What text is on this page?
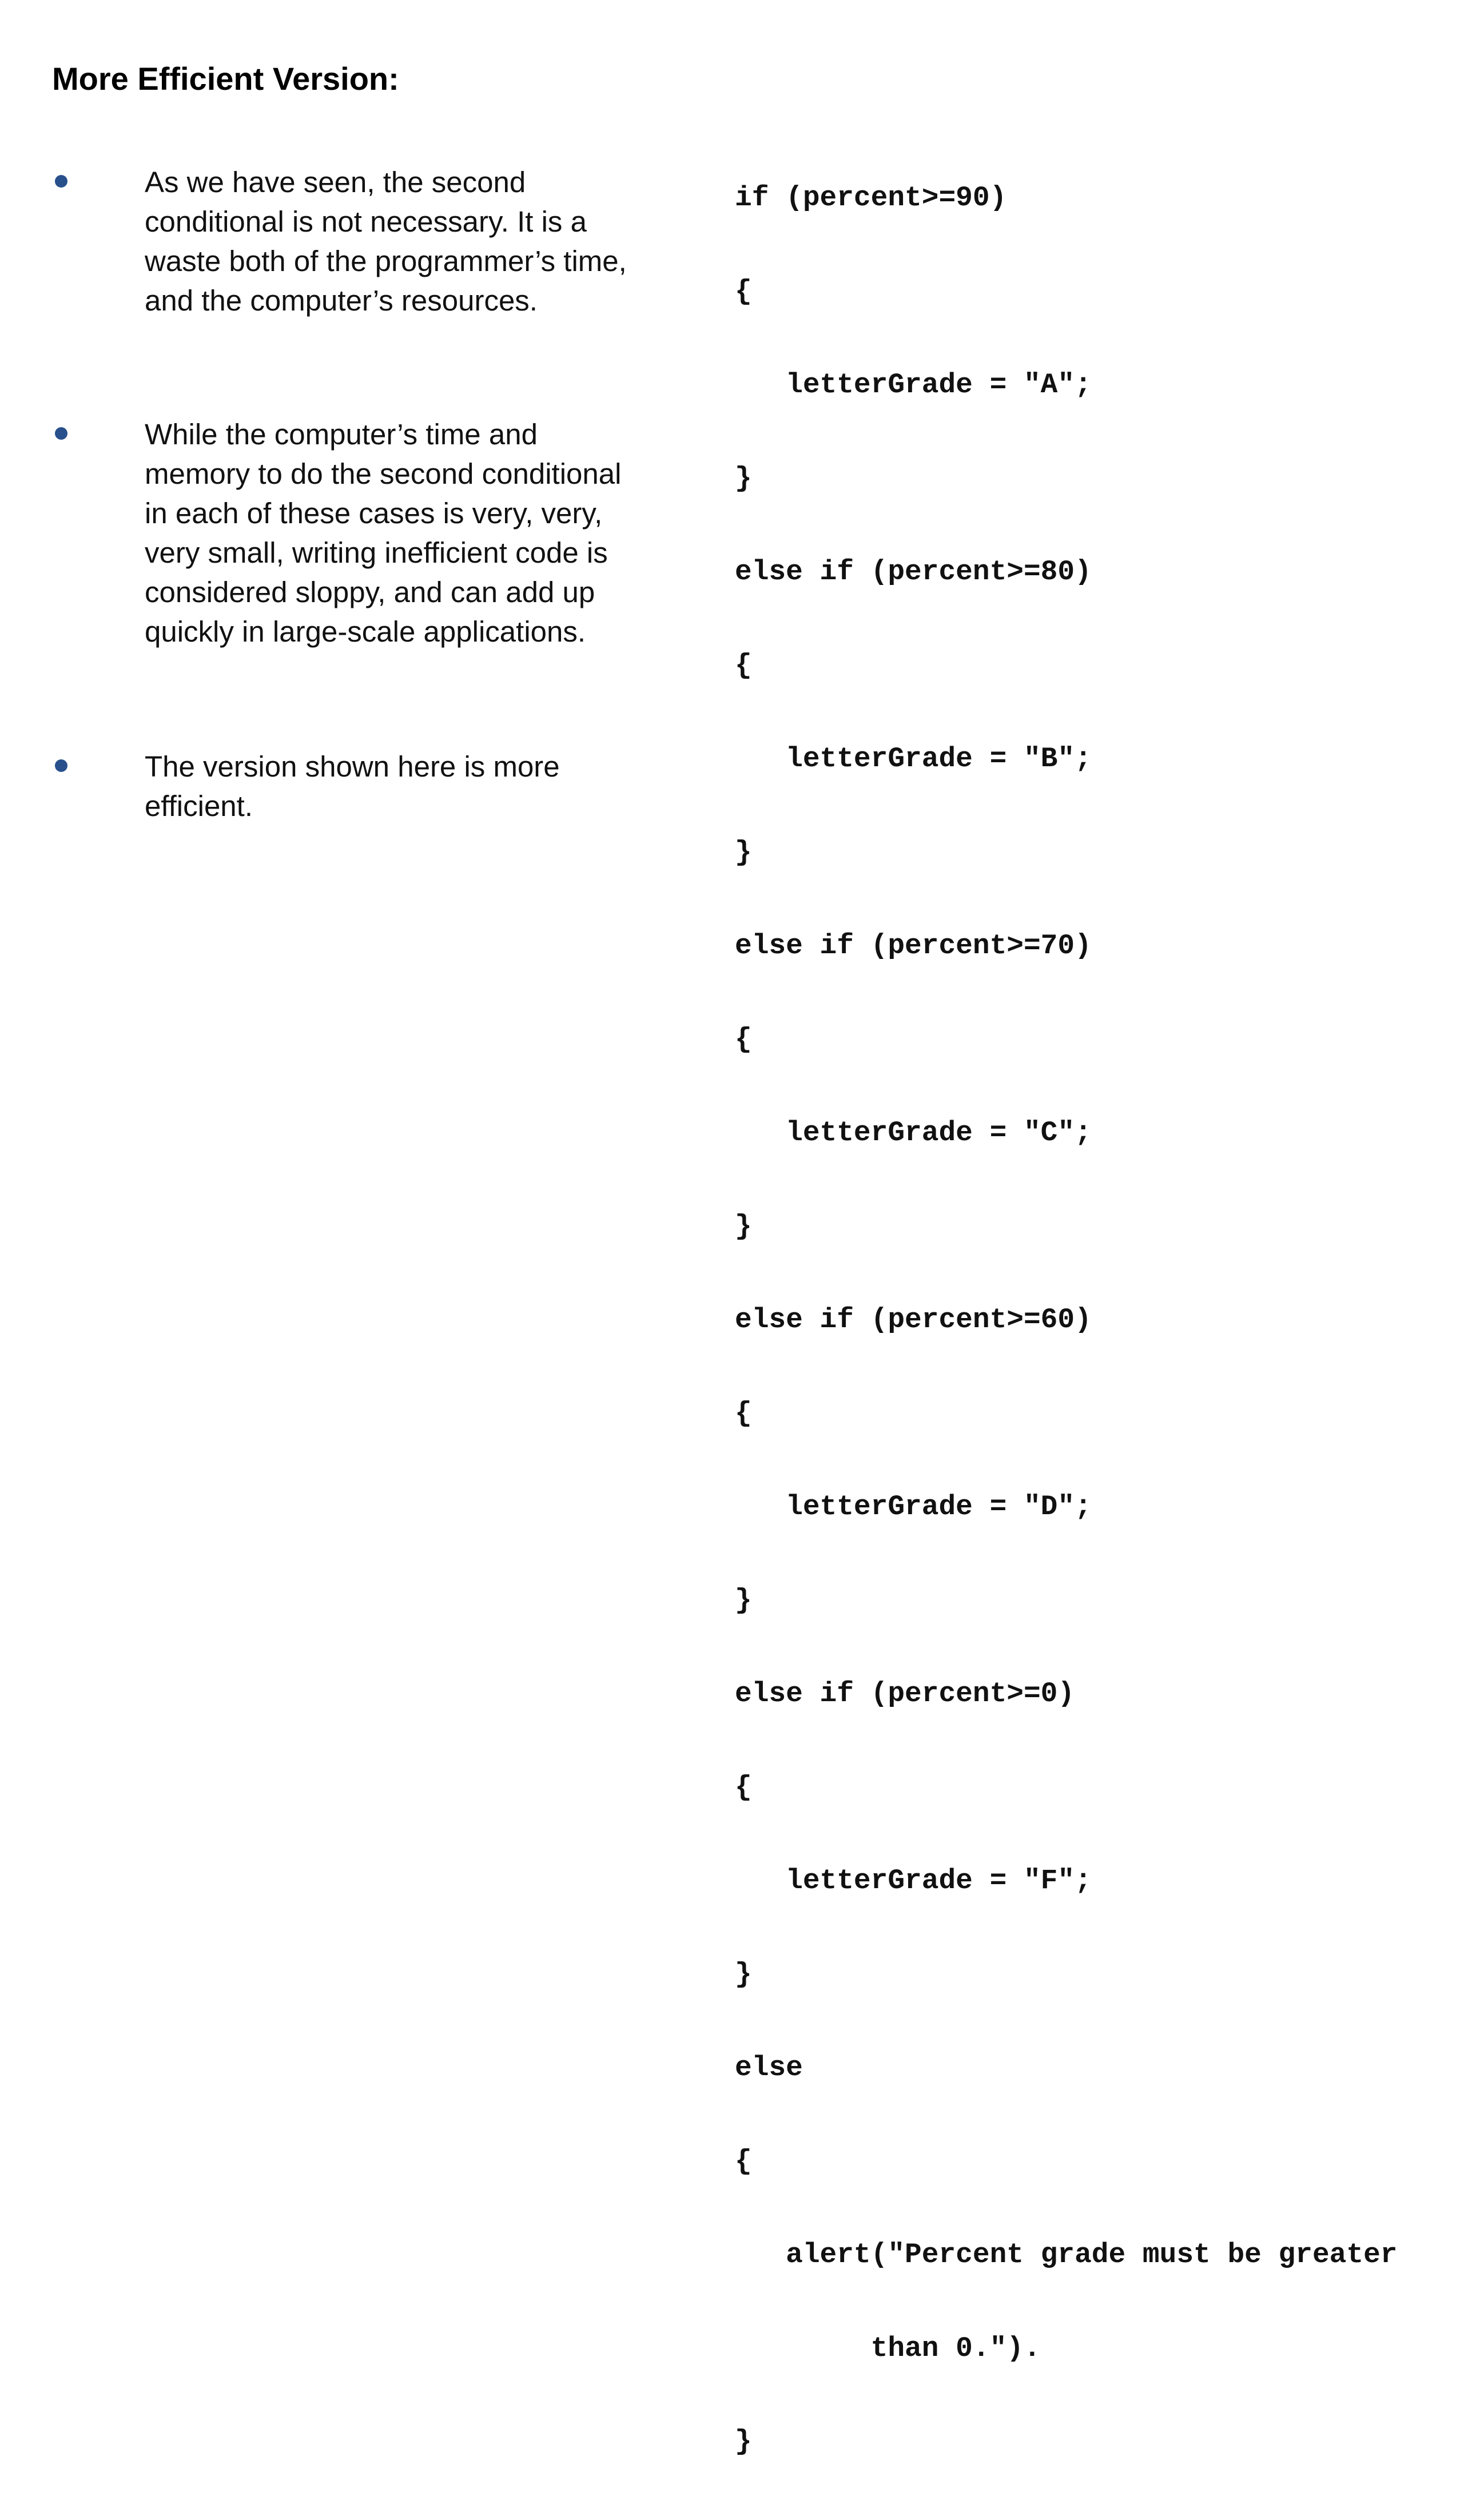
More Efficient Version:
As we have seen, the second conditional is not necessary. It is a waste both of the programmer’s time, and the computer’s resources.
While the computer’s time and memory to do the second conditional in each of these cases is very, very, very small, writing inefficient code is considered sloppy, and can add up quickly in large-scale applications.
The version shown here is more efficient.

if (percent>=90)

{

letterGrade = "A";

}

else if (percent>=80)

{

letterGrade = "B";

}

else if (percent>=70)

{

letterGrade = "C";

}

else if (percent>=60)

{

letterGrade = "D";

}

else if (percent>=0)

{

letterGrade = "F";

}

else

{

alert("Percent grade must be greater

than 0.").

}
